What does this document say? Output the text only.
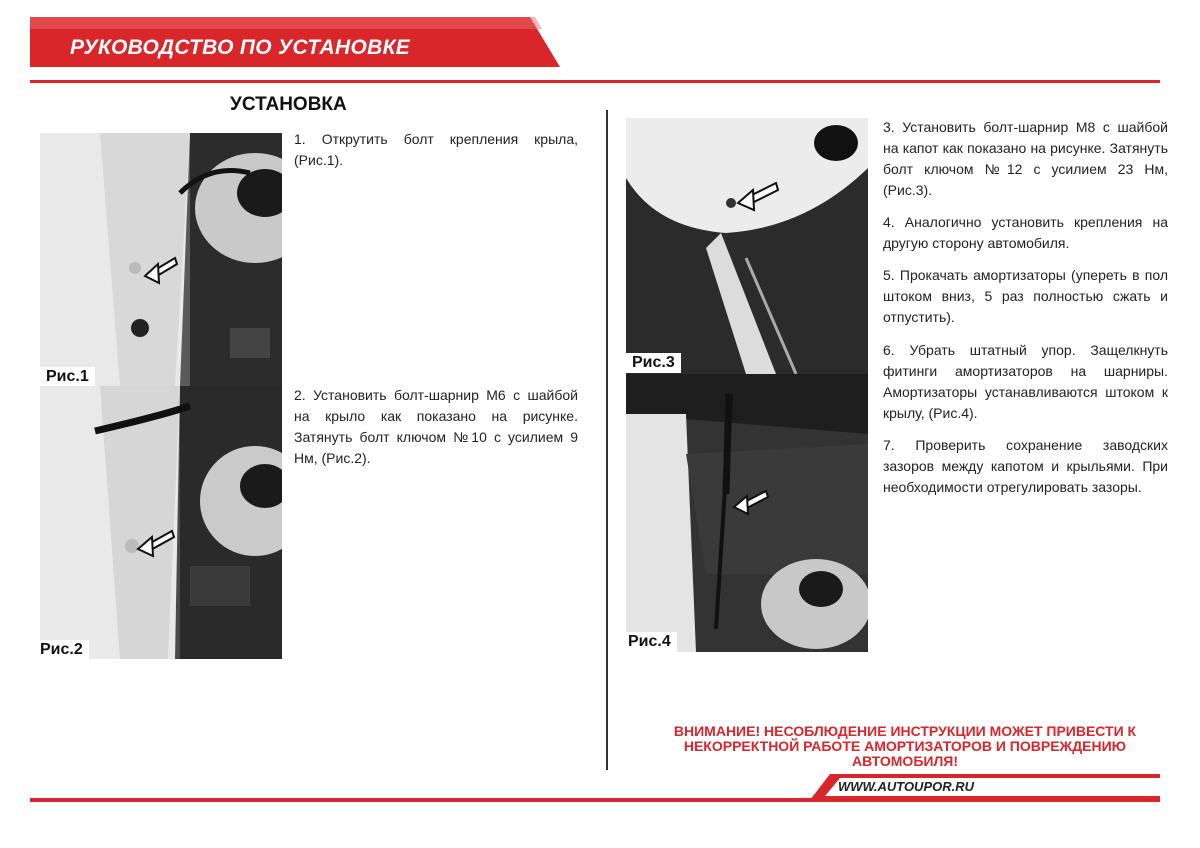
РУКОВОДСТВО ПО УСТАНОВКЕ
УСТАНОВКА
Рис.1
Рис.2
Рис.3
Рис.4

1. Открутить болт крепления крыла, (Рис.1).

2. Установить болт-шарнир М6 с шайбой на крыло как показано на рисунке. Затянуть болт ключом №10 с усилием 9 Нм, (Рис.2).

3. Установить болт-шарнир М8 с шайбой на капот как показано на рисунке. Затянуть болт ключом №12 с усилием 23 Нм, (Рис.3).

4. Аналогично установить крепления на другую сторону автомобиля.

5. Прокачать амортизаторы (упереть в пол штоком вниз, 5 раз полностью сжать и отпустить).

6. Убрать штатный упор. Защелкнуть фитинги амортизаторов на шарниры. Амортизаторы устанавливаются штоком к крылу, (Рис.4).

7. Проверить сохранение заводских зазоров между капотом и крыльями. При необходимости отрегулировать зазоры.

ВНИМАНИЕ! НЕСОБЛЮДЕНИЕ ИНСТРУКЦИИ МОЖЕТ ПРИВЕСТИ К НЕКОРРЕКТНОЙ РАБОТЕ АМОРТИЗАТОРОВ И ПОВРЕЖДЕНИЮ АВТОМОБИЛЯ!
WWW.AUTOUPOR.RU
